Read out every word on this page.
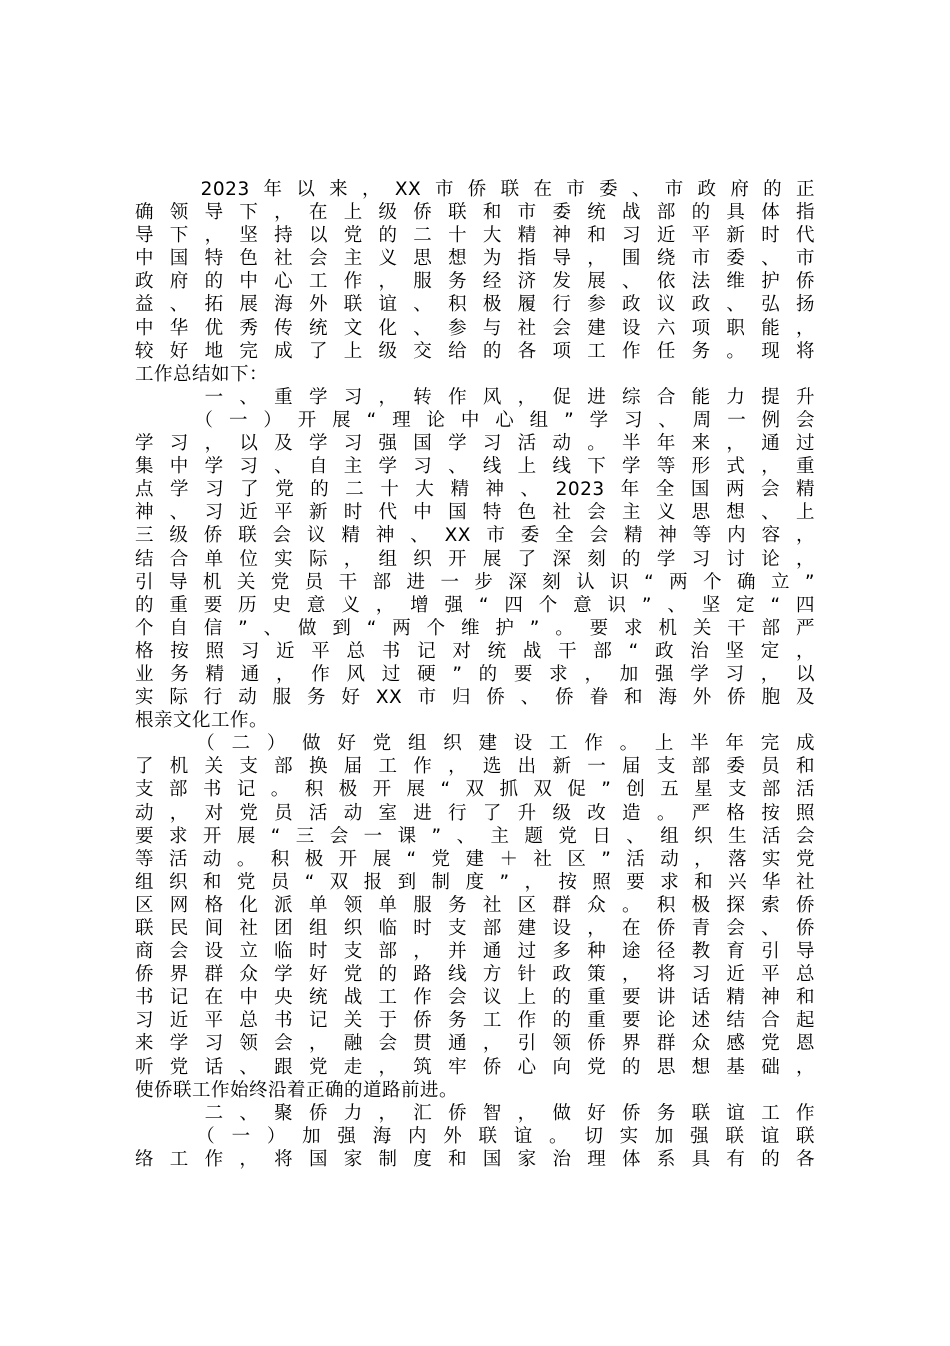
　　2023年以来，XX市侨联在市委、市政府的正
确领导下，在上级侨联和市委统战部的具体指
导下，坚持以党的二十大精神和习近平新时代
中国特色社会主义思想为指导，围绕市委、市
政府的中心工作，服务经济发展、依法维护侨
益、拓展海外联谊、积极履行参政议政、弘扬
中华优秀传统文化、参与社会建设六项职能，
较好地完成了上级交给的各项工作任务。现将
工作总结如下：
　　一、重学习，转作风，促进综合能力提升
　　（一）开展“理论中心组”学习、周一例会
学习，以及学习强国学习活动。半年来，通过
集中学习、自主学习、线上线下学等形式，重
点学习了党的二十大精神、2023年全国两会精
神、习近平新时代中国特色社会主义思想、上
三级侨联会议精神、XX市委全会精神等内容，
结合单位实际，组织开展了深刻的学习讨论，
引导机关党员干部进一步深刻认识“两个确立”
的重要历史意义，增强“四个意识”、坚定“四
个自信”、做到“两个维护”。要求机关干部严
格按照习近平总书记对统战干部“政治坚定，
业务精通，作风过硬”的要求，加强学习，以
实际行动服务好XX市归侨、侨眷和海外侨胞及
根亲文化工作。
　　（二）做好党组织建设工作。上半年完成
了机关支部换届工作，选出新一届支部委员和
支部书记。积极开展“双抓双促”创五星支部活
动，对党员活动室进行了升级改造。严格按照
要求开展“三会一课”、主题党日、组织生活会
等活动。积极开展“党建＋社区”活动，落实党
组织和党员“双报到制度”，按照要求和兴华社
区网格化派单领单服务社区群众。积极探索侨
联民间社团组织临时支部建设，在侨青会、侨
商会设立临时支部，并通过多种途径教育引导
侨界群众学好党的路线方针政策，将习近平总
书记在中央统战工作会议上的重要讲话精神和
习近平总书记关于侨务工作的重要论述结合起
来学习领会，融会贯通，引领侨界群众感党恩
听党话、跟党走，筑牢侨心向党的思想基础，
使侨联工作始终沿着正确的道路前进。
　　二、聚侨力，汇侨智，做好侨务联谊工作
　　（一）加强海内外联谊。切实加强联谊联
络工作，将国家制度和国家治理体系具有的各
